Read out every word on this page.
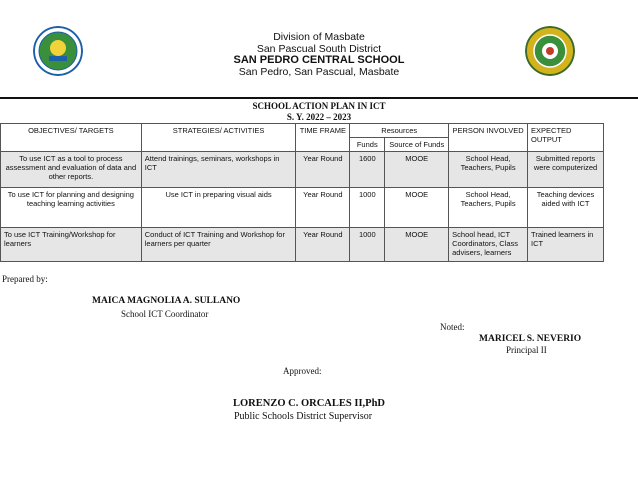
Division of Masbate
San Pascual South District
SAN PEDRO CENTRAL SCHOOL
San Pedro, San Pascual, Masbate
SCHOOL ACTION PLAN IN ICT
S. Y. 2022 – 2023
OBJECTIVES/ TARGETS	STRATEGIES/ ACTIVITIES	TIME FRAME	Resources		PERSON INVOLVED	EXPECTED OUTPUT
			Funds	Source of Funds		
To use ICT as a tool to process assessment and evaluation of data and other reports.	Attend trainings, seminars, workshops in ICT	Year Round	1600	MOOE	School Head, Teachers, Pupils	Submitted reports were computerized
To use ICT for planning and designing teaching learning activities	Use ICT in preparing visual aids	Year Round	1000	MOOE	School Head, Teachers, Pupils	Teaching devices aided with ICT
To use ICT Training/Workshop for learners	Conduct of ICT Training and Workshop for learners per quarter	Year Round	1000	MOOE	School head, ICT Coordinators, Class advisers, learners	Trained learners in ICT
Prepared by:
MAICA MAGNOLIA A. SULLANO
School ICT Coordinator
Noted:
MARICEL S. NEVERIO
Principal II
Approved:
LORENZO C. ORCALES II,PhD
Public Schools District Supervisor
